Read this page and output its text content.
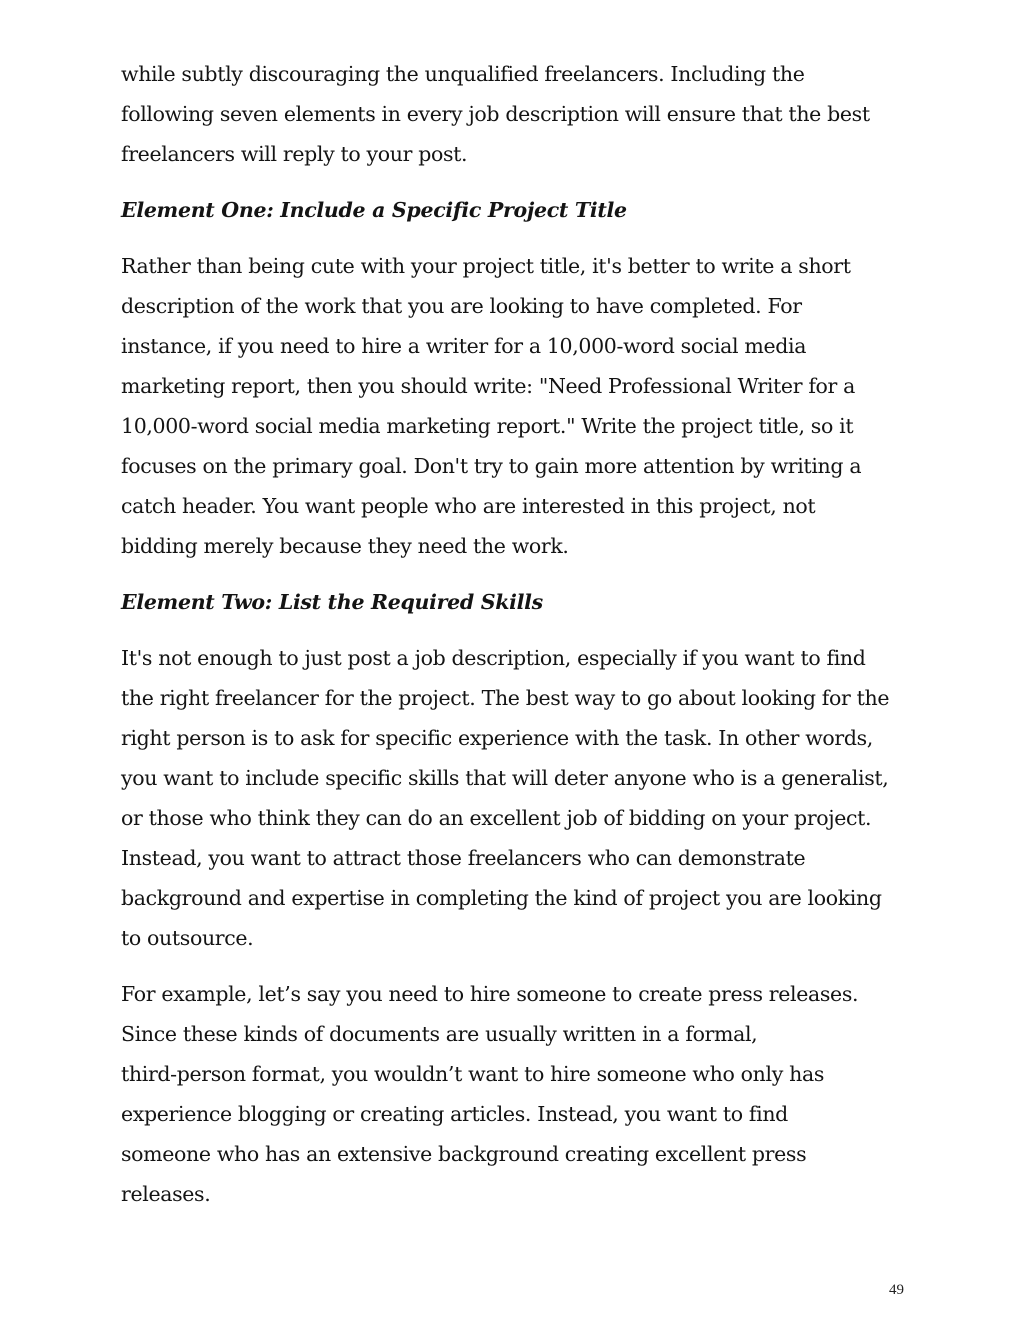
while subtly discouraging the unqualified freelancers. Including the
following seven elements in every job description will ensure that the best
freelancers will reply to your post.

Element One: Include a Specific Project Title

Rather than being cute with your project title, it's better to write a short
description of the work that you are looking to have completed. For
instance, if you need to hire a writer for a 10,000-word social media
marketing report, then you should write: "Need Professional Writer for a
10,000-word social media marketing report." Write the project title, so it
focuses on the primary goal. Don't try to gain more attention by writing a
catch header. You want people who are interested in this project, not
bidding merely because they need the work.

Element Two: List the Required Skills

It's not enough to just post a job description, especially if you want to find
the right freelancer for the project. The best way to go about looking for the
right person is to ask for specific experience with the task. In other words,
you want to include specific skills that will deter anyone who is a generalist,
or those who think they can do an excellent job of bidding on your project.
Instead, you want to attract those freelancers who can demonstrate
background and expertise in completing the kind of project you are looking
to outsource.

For example, let’s say you need to hire someone to create press releases.
Since these kinds of documents are usually written in a formal,
third-person format, you wouldn’t want to hire someone who only has
experience blogging or creating articles. Instead, you want to find
someone who has an extensive background creating excellent press
releases.

49
